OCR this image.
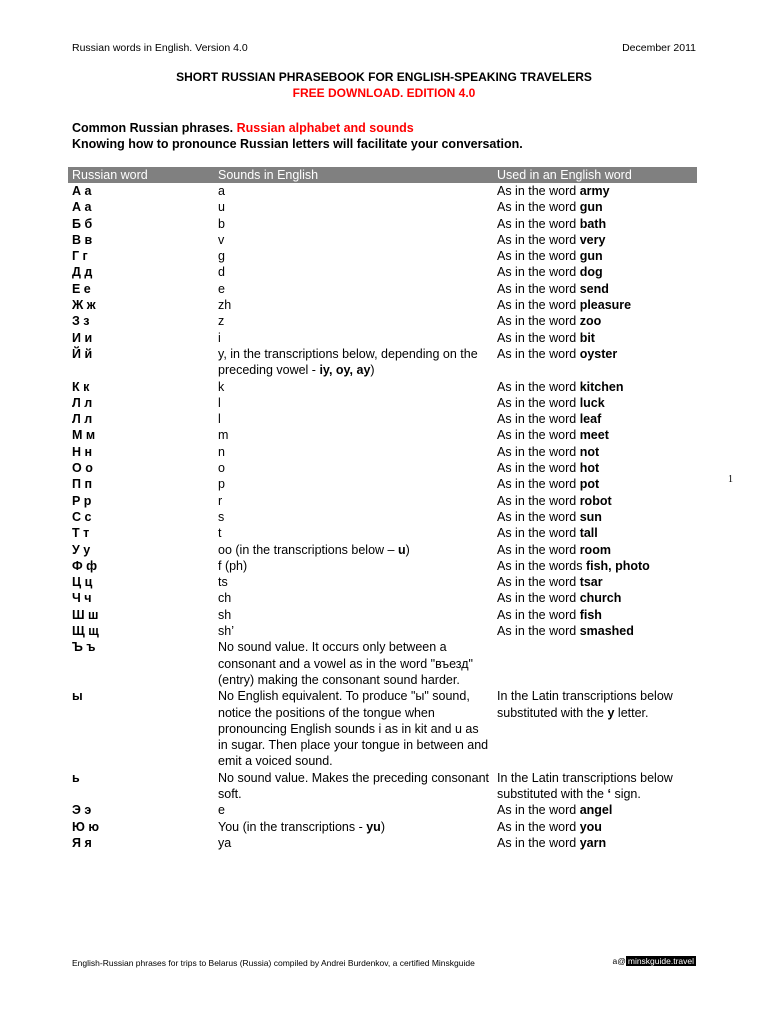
Russian words in English. Version 4.0	December 2011
SHORT RUSSIAN PHRASEBOOK FOR ENGLISH-SPEAKING TRAVELERS
FREE DOWNLOAD. EDITION 4.0
Common Russian phrases. Russian alphabet and sounds
Knowing how to pronounce Russian letters will facilitate your conversation.
Russian word	Sounds in English	Used in an English word
А а	a	As in the word army
А а	u	As in the word gun
Б б	b	As in the word bath
В в	v	As in the word very
Г г	g	As in the word gun
Д д	d	As in the word dog
Е е	e	As in the word send
Ж ж	zh	As in the word pleasure
З з	z	As in the word zoo
И и	i	As in the word bit
Й й	y, in the transcriptions below, depending on the preceding vowel - iy, oy, ay)	As in the word oyster
К к	k	As in the word kitchen
Л л	l	As in the word luck
Л л	l	As in the word leaf
М м	m	As in the word meet
Н н	n	As in the word not
О о	o	As in the word hot
П п	p	As in the word pot
Р р	r	As in the word robot
С с	s	As in the word sun
Т т	t	As in the word tall
У у	oo (in the transcriptions below – u)	As in the word room
Ф ф	f (ph)	As in the words fish, photo
Ц ц	ts	As in the word tsar
Ч ч	ch	As in the word church
Ш ш	sh	As in the word fish
Щ щ	sh’	As in the word smashed
Ъ ъ	No sound value. It occurs only between a consonant and a vowel as in the word "въезд" (entry) making the consonant sound harder.	
ы	No English equivalent. To produce "ы" sound, notice the positions of the tongue when pronouncing English sounds i as in kit and u as in sugar. Then place your tongue in between and emit a voiced sound.	In the Latin transcriptions below substituted with the y letter.
ь	No sound value. Makes the preceding consonant soft.	In the Latin transcriptions below substituted with the ‘ sign.
Э э	e	As in the word angel
Ю ю	You (in the transcriptions - yu)	As in the word you
Я я	ya	As in the word yarn
1
English-Russian phrases for trips to Belarus (Russia) compiled by Andrei Burdenkov, a certified Minskguide	a@ minskguide.travel
